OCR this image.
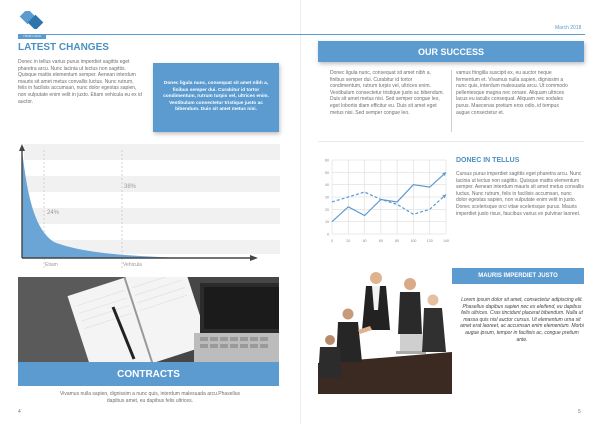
YOUR LOGO
LATEST CHANGES
Donec in tellus varius purus imperdiet sagittis eget pharetra arcu. Nunc lacinia ut lectus non sagittis. Quisque mattis elementum semper. Aenean interdum mauris sit amet metus convallis luctus. Nunc rutrum, felis in facilisis accumsan, nunc dolor egestas sapien, non vulputate enim velit in justo. Etiam vehicula eu ex id auctor.
Donec ligula nunc, consequat sit amet nibh a, finibus semper dui. Curabitur id tortor condimentum, rutrum turpis vel, ultrices enim. Vestibulum consectetur tristique justo ac bibendum. Duis sit amet metus nisi.
24%
38%
Etiam	Vehicula
CONTRACTS
Vivamus nulla sapien, dignissim a nunc quis, interdum malesuada arcu.Phasellus dapibus amet, eu dapibus felis ultrices.
4
March 2018
OUR SUCCESS
Donec ligula nunc, consequat sit amet nibh a, finibus semper dui. Curabitur id tortor condimentum, rutrum turpis vel, ultrices enim. Vestibulum consectetur tristique justo ac bibendum. Duis sit amet metus nisi. Sed semper congue leo, eget lobortis diam efficitur eu. Duis sit amet eget metus nisi. Sed semper congue leo.
vamus fringilla suscipit ex, eu auctor neque fermentum et. Vivamus nulla sapien, dignissim a nunc quis, interdum malesuada arcu. Ut commodo pellentesque magna nec ornare. Aliquam ultrices lacus eu iaculis consequat. Aliquam nec sodales purus. Maecenas pretium eros odio, id tempus augue consectetur et.
0
10
20
30
40
50
60
0	20	40	60	80	100	120	140
DONEC IN TELLUS
Cursus purus imperdiet sagittis eget pharetra arcu. Nunc lacinia ut lectus non sagittis. Quisque mattis elementum semper. Aenean interdum mauris sit amet metus convallis luctus. Nunc rutrum, felis in facilisis accumsan, nunc dolor egestas sapien, non vulputate enim velit in justo. Donec scelerisque orci vitae scelerisque purus. Mauris imperdiet justo risus, faucibus varius ex pulvinar laoreet.
MAURIS IMPERDIET JUSTO
Lorem ipsum dolor sit amet, consectetur adipiscing elit. Phasellus dapibus sapien nec ex eleifend, eu dapibus felis ultrices. Cras tincidunt placerat bibendum. Nulla ut massa quis nisl auctor cursus. Ut elementum urna sit amet erat laoreet, ac accumsan enim elementum. Morbi augue ipsum, tempor in facilisis ac, congue pretium ante.
5
